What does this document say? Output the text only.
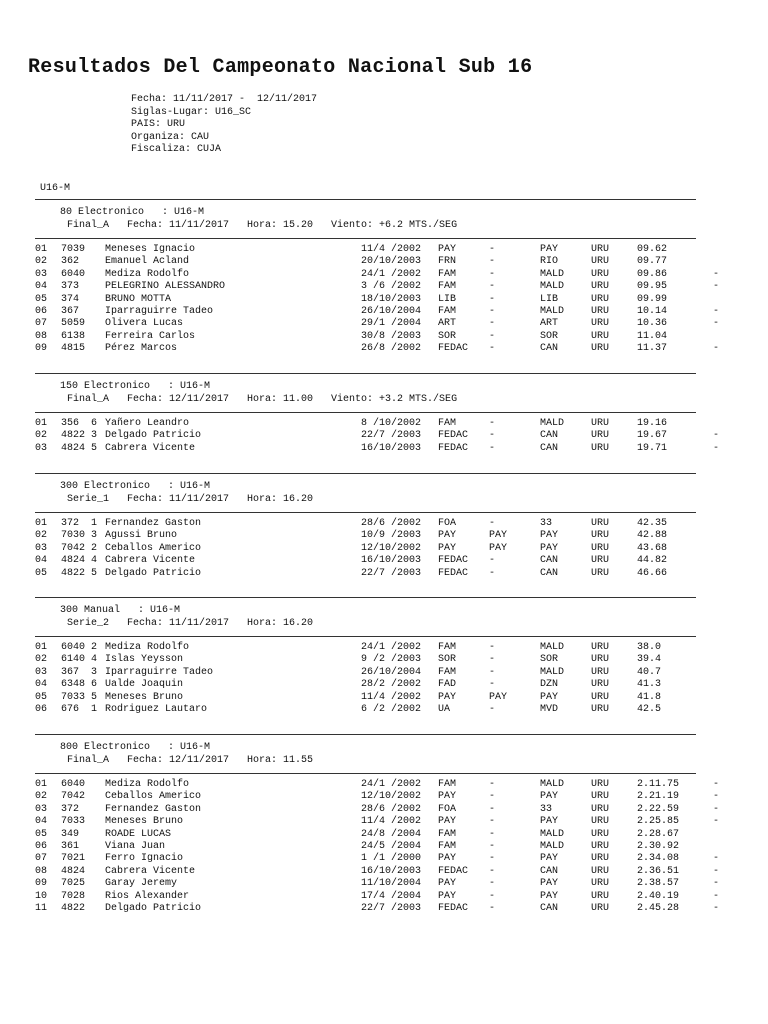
Resultados Del Campeonato Nacional Sub 16
Fecha: 11/11/2017 -  12/11/2017
Siglas-Lugar: U16_SC
PAIS: URU
Organiza: CAU
Fiscaliza: CUJA
U16-M
80 Electronico   : U16-M
Final_A   Fecha: 11/11/2017   Hora: 15.20   Viento: +6.2 MTS./SEG
01 7039 Meneses Ignacio	11/4 /2002 PAY	-	PAY	URU	09.62
02 362	Emanuel Acland	20/10/2003 FRN	-	RIO	URU	09.77
03 6040 Mediza Rodolfo	24/1 /2002 FAM	-	MALD	URU	09.86	-
04 373	PELEGRINO ALESSANDRO	3 /6 /2002 FAM	-	MALD	URU	09.95	-
05 374	BRUNO MOTTA	18/10/2003 LIB	-	LIB	URU	09.99
06 367	Iparraguirre Tadeo	26/10/2004 FAM	-	MALD	URU	10.14	-
07 5059 Olivera Lucas	29/1 /2004 ART	-	ART	URU	10.36	-
08 6138 Ferreira Carlos	30/8 /2003 SOR	-	SOR	URU	11.04
09 4815 Pérez Marcos	26/8 /2002 FEDAC -	CAN	URU	11.37	-
150 Electronico   : U16-M
Final_A   Fecha: 12/11/2017   Hora: 11.00   Viento: +3.2 MTS./SEG
01 356  6 Yañero Leandro	8 /10/2002 FAM	-	MALD	URU	19.16
02 4822 3 Delgado Patricio	22/7 /2003 FEDAC -	CAN	URU	19.67	-
03 4824 5 Cabrera Vicente	16/10/2003 FEDAC -	CAN	URU	19.71	-
300 Electronico   : U16-M
Serie_1   Fecha: 11/11/2017   Hora: 16.20
01 372  1 Fernandez Gaston	28/6 /2002 FOA	-	33	URU	42.35
02 7030 3 Agussi Bruno	10/9 /2003 PAY	PAY	PAY	URU	42.88
03 7042 2 Ceballos Americo	12/10/2002 PAY	PAY	PAY	URU	43.68
04 4824 4 Cabrera Vicente	16/10/2003 FEDAC -	CAN	URU	44.82
05 4822 5 Delgado Patricio	22/7 /2003 FEDAC -	CAN	URU	46.66
300 Manual   : U16-M
Serie_2   Fecha: 11/11/2017   Hora: 16.20
01 6040 2 Mediza Rodolfo	24/1 /2002 FAM	-	MALD	URU	38.0
02 6140 4 Islas Yeysson	9 /2 /2003 SOR	-	SOR	URU	39.4
03 367  3 Iparraguirre Tadeo	26/10/2004 FAM	-	MALD	URU	40.7
04 6348 6 Ualde Joaquin	28/2 /2002 FAD	-	DZN	URU	41.3
05 7033 5 Meneses Bruno	11/4 /2002 PAY	PAY	PAY	URU	41.8
06 676  1 Rodriguez Lautaro	6 /2 /2002 UA	-	MVD	URU	42.5
800 Electronico   : U16-M
Final_A   Fecha: 12/11/2017   Hora: 11.55
01 6040 Mediza Rodolfo	24/1 /2002 FAM	-	MALD	URU	2.11.75	-
02 7042 Ceballos Americo	12/10/2002 PAY	-	PAY	URU	2.21.19	-
03 372	Fernandez Gaston	28/6 /2002 FOA	-	33	URU	2.22.59	-
04 7033 Meneses Bruno	11/4 /2002 PAY	-	PAY	URU	2.25.85	-
05 349	ROADE LUCAS	24/8 /2004 FAM	-	MALD	URU	2.28.67
06 361	Viana Juan	24/5 /2004 FAM	-	MALD	URU	2.30.92
07 7021 Ferro Ignacio	1 /1 /2000 PAY	-	PAY	URU	2.34.08	-
08 4824 Cabrera Vicente	16/10/2003 FEDAC -	CAN	URU	2.36.51	-
09 7025 Garay Jeremy	11/10/2004 PAY	-	PAY	URU	2.38.57	-
10 7028 Rios Alexander	17/4 /2004 PAY	-	PAY	URU	2.40.19	-
11 4822 Delgado Patricio	22/7 /2003 FEDAC -	CAN	URU	2.45.28	-
